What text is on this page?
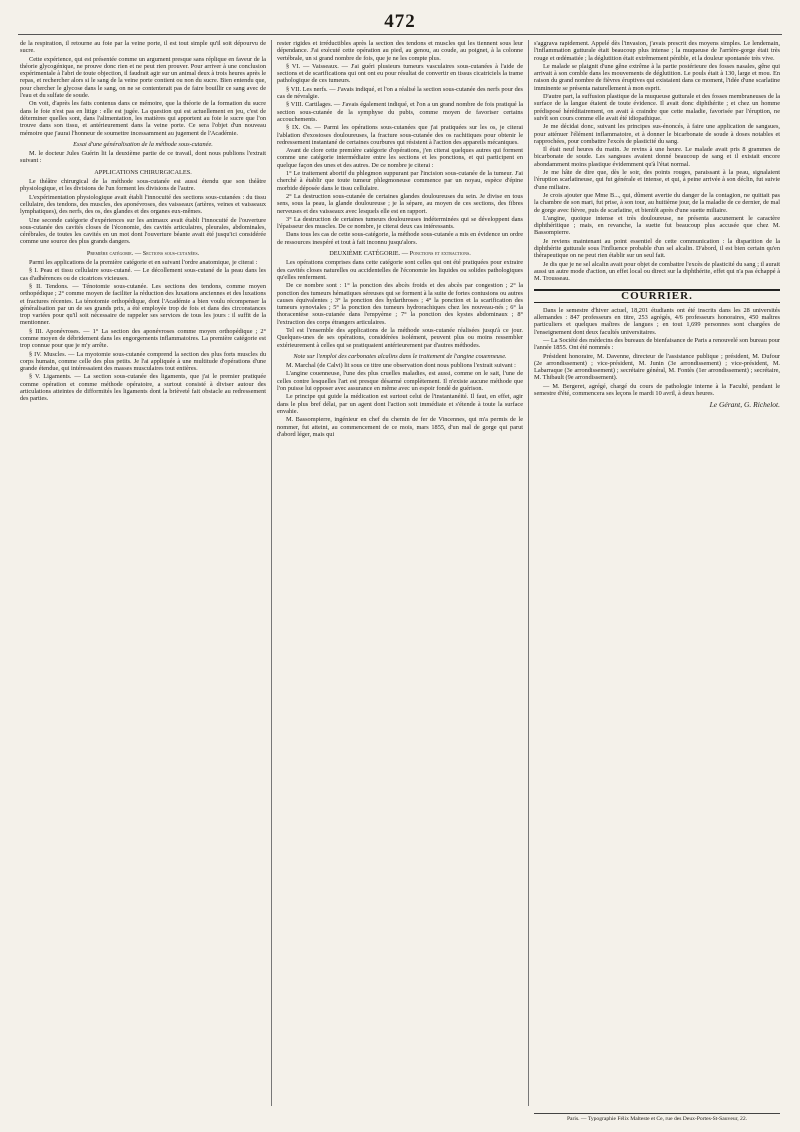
472

de la respiration, il retourne au foie par la veine porte, il est tout simple qu'il soit dépourvu de sucre.

Cette expérience, qui est présentée comme un argument presque sans réplique en faveur de la théorie glycogénique, ne prouve donc rien et ne peut rien prouver. Pour arriver à une conclusion expérimentale à l'abri de toute objection, il faudrait agir sur un animal deux à trois heures après le repas, et rechercher alors si le sang de la veine porte contient ou non du sucre. Bien entendu que, pour chercher le glycose dans le sang, on ne se contenterait pas de faire bouillir ce sang avec de l'eau et du sulfate de soude.

On voit, d'après les faits contenus dans ce mémoire, que la théorie de la formation du sucre dans le foie n'est pas en litige : elle est jugée. La question qui est actuellement en jeu, c'est de déterminer quelles sont, dans l'alimentation, les matières qui apportent au foie le sucre que l'on trouve dans son tissu, et antérieurement dans la veine porte. Ce sera l'objet d'un nouveau mémoire que j'aurai l'honneur de soumettre incessamment au jugement de l'Académie.

Essai d'une généralisation de la méthode sous-cutanée.

M. le docteur Jules Guérin lit la deuxième partie de ce travail, dont nous publions l'extrait suivant :

APPLICATIONS CHIRURGICALES.

Le théâtre chirurgical de la méthode sous-cutanée est aussi étendu que son théâtre physiologique, et les divisions de l'un forment les divisions de l'autre.

L'expérimentation physiologique avait établi l'innocuité des sections sous-cutanées : du tissu cellulaire, des tendons, des muscles, des aponévroses, des vaisseaux (artères, veines et vaisseaux lymphatiques), des nerfs, des os, des glandes et des organes eux-mêmes.

Une seconde catégorie d'expériences sur les animaux avait établi l'innocuité de l'ouverture sous-cutanée des cavités closes de l'économie, des cavités articulaires, pleurales, abdominales, cérébrales, de toutes les cavités en un mot dont l'ouverture béante avait été jusqu'ici considérée comme une source des plus grands dangers.

Première catégorie. — Sections sous-cutanées.

Parmi les applications de la première catégorie et en suivant l'ordre anatomique, je citerai :

§ I. Peau et tissu cellulaire sous-cutané. — Le décollement sous-cutané de la peau dans les cas d'adhérences ou de cicatrices vicieuses.

§ II. Tendons. — Ténotomie sous-cutanée. Les sections des tendons, comme moyen orthopédique ; 2° comme moyen de faciliter la réduction des luxations anciennes et des luxations et fractures récentes. La ténotomie orthopédique, dont l'Académie a bien voulu récompenser la généralisation par un de ses grands prix, a été employée trop de fois et dans des circonstances trop variées pour qu'il soit nécessaire de rappeler ses services de tous les jours : il suffit de la mentionner.

§ III. Aponévroses. — 1° La section des aponévroses comme moyen orthopédique ; 2° comme moyen de débridement dans les engorgements inflammatoires. La première catégorie est trop connue pour que je m'y arrête.

§ IV. Muscles. — La myotomie sous-cutanée comprend la section des plus forts muscles du corps humain, comme celle des plus petits. Je l'ai appliquée à une multitude d'opérations d'une grande étendue, qui intéressaient des masses musculaires tout entières.

§ V. Ligaments. — La section sous-cutanée des ligaments, que j'ai le premier pratiquée comme opération et comme méthode opératoire, a surtout consisté à diviser autour des articulations atteintes de difformités les ligaments dont la brièveté fait obstacle au redressement des parties.

rester rigides et irréductibles après la section des tendons et muscles qui les tiennent sous leur dépendance. J'ai exécuté cette opération au pied, au genou, au coude, au poignet, à la colonne vertébrale, un si grand nombre de fois, que je ne les compte plus.

§ VI. — Vaisseaux. — J'ai guéri plusieurs tumeurs vasculaires sous-cutanées à l'aide de sections et de scarifications qui ont ont eu pour résultat de convertir en tissus cicatriciels la trame pathologique de ces tumeurs.

§ VII. Les nerfs. — J'avais indiqué, et l'on a réalisé la section sous-cutanée des nerfs pour des cas de névralgie.

§ VIII. Cartilages. — J'avais également indiqué, et l'on a un grand nombre de fois pratiqué la section sous-cutanée de la symphyse du pubis, comme moyen de favoriser certains accouchements.

§ IX. Os. — Parmi les opérations sous-cutanées que j'ai pratiquées sur les os, je citerai l'ablation d'exostoses douloureuses, la fracture sous-cutanée des os rachitiques pour obtenir le redressement instantané de certaines courbures qui résistent à l'action des appareils mécaniques.

Avant de clore cette première catégorie d'opérations, j'en citerai quelques autres qui forment comme une catégorie intermédiaire entre les sections et les ponctions, et qui participent en quelque façon des unes et des autres. De ce nombre je citerai :

1° Le traitement abortif du phlegmon suppurant par l'incision sous-cutanée de la tumeur. J'ai cherché à établir que toute tumeur phlegmoneuse commence par un noyau, espèce d'épine morbide déposée dans le tissu cellulaire.

2° La destruction sous-cutanée de certaines glandes douloureuses du sein. Je divise en tous sens, sous la peau, la glande douloureuse ; je la sépare, au moyen de ces sections, des fibres nerveuses et des vaisseaux avec lesquels elle est en rapport.

3° La destruction de certaines tumeurs douloureuses indéterminées qui se développent dans l'épaisseur des muscles. De ce nombre, je citerai deux cas intéressants.

Dans tous les cas de cette sous-catégorie, la méthode sous-cutanée a mis en évidence un ordre de ressources inespéré et tout à fait inconnu jusqu'alors.

DEUXIÈME CATÉGORIE. — Ponctions et extractions.

Les opérations comprises dans cette catégorie sont celles qui ont été pratiquées pour extraire des cavités closes naturelles ou accidentelles de l'économie les liquides ou solides pathologiques qu'elles renferment.

De ce nombre sont : 1° la ponction des abcès froids et des abcès par congestion ; 2° la ponction des tumeurs hématiques séreuses qui se forment à la suite de fortes contusions ou autres causes équivalentes ; 3° la ponction des hydarthroses ; 4° la ponction et la scarification des tumeurs synoviales ; 5° la ponction des tumeurs hydrorachiques chez les nouveau-nés ; 6° la thoracentèse sous-cutanée dans l'empyème ; 7° la ponction des kystes abdominaux ; 8° l'extraction des corps étrangers articulaires.

Tel est l'ensemble des applications de la méthode sous-cutanée réalisées jusqu'à ce jour. Quelques-unes de ses opérations, considérées isolément, peuvent plus ou moins ressembler extérieurement à celles qui se pratiquaient antérieurement par d'autres méthodes.

Note sur l'emploi des carbonates alcalins dans le traitement de l'angine couenneuse.

M. Marchal (de Calvi) lit sous ce titre une observation dont nous publions l'extrait suivant :

L'angine couenneuse, l'une des plus cruelles maladies, est aussi, comme on le sait, l'une de celles contre lesquelles l'art est presque désarmé complètement. Il n'existe aucune méthode que l'on puisse lui opposer avec assurance en même avec un espoir fondé de guérison.

Le principe qui guide la médication est surtout celui de l'instantanéité. Il faut, en effet, agir dans le plus bref délai, par un agent dont l'action soit immédiate et s'étende à toute la surface envahie.

M. Bassompierre, ingénieur en chef du chemin de fer de Vincennes, qui m'a permis de le nommer, fut atteint, au commencement de ce mois, mars 1855, d'un mal de gorge qui parut d'abord léger, mais qui

s'aggrava rapidement. Appelé dès l'invasion, j'avais prescrit des moyens simples. Le lendemain, l'inflammation gutturale était beaucoup plus intense ; la muqueuse de l'arrière-gorge était très rouge et œdématiée ; la déglutition était extrêmement pénible, et la douleur spontanée très vive.

Le malade se plaignit d'une gêne extrême à la partie postérieure des fosses nasales, gêne qui arrivait à son comble dans les mouvements de déglutition. Le pouls était à 130, large et mou. En raison du grand nombre de fièvres éruptives qui existaient dans ce moment, l'idée d'une scarlatine imminente se présenta naturellement à mon esprit.

D'autre part, la suffusion plastique de la muqueuse gutturale et des fosses membraneuses de la surface de la langue étaient de toute évidence. Il avait donc diphthérite ; et chez un homme prédisposé héréditairement, on avait à craindre que cette maladie, favorisée par l'éruption, ne suivît son cours comme elle avait été idiopathique.

Je me décidai donc, suivant les principes sus-énoncés, à faire une application de sangsues, pour atténuer l'élément inflammatoire, et à donner le bicarbonate de soude à doses notables et rapprochées, pour combattre l'excès de plasticité du sang.

Il était neuf heures du matin. Je revins à une heure. Le malade avait pris 8 grammes de bicarbonate de soude. Les sangsues avaient donné beaucoup de sang et il existait encore abondamment moins plastique évidemment qu'à l'état normal.

Je me hâte de dire que, dès le soir, des points rouges, paraissant à la peau, signalaient l'éruption scarlatineuse, qui fut générale et intense, et qui, à peine arrivée à son déclin, fut suivie d'une miliaire.

Je crois ajouter que Mme B..., qui, dûment avertie du danger de la contagion, ne quittait pas la chambre de son mari, fut prise, à son tour, au huitième jour, de la maladie de ce dernier, de mal de gorge avec fièvre, puis de scarlatine, et bientôt après d'une suette miliaire.

L'angine, quoique intense et très douloureuse, ne présenta aucunement le caractère diphthéritique ; mais, en revanche, la suette fut beaucoup plus accusée que chez M. Bassompierre.

Je reviens maintenant au point essentiel de cette communication : la disparition de la diphthérite gutturale sous l'influence probable d'un sel alcalin. D'abord, il est bien certain qu'en thérapeutique on ne peut rien établir sur un seul fait.

Je dis que je ne sel alcalin avait pour objet de combattre l'excès de plasticité du sang ; il aurait aussi un autre mode d'action, un effet local ou direct sur la diphthérite, effet qui n'a pas échappé à M. Trousseau.

COURRIER.

Dans le semestre d'hiver actuel, 18,201 étudiants ont été inscrits dans les 28 universités allemandes : 847 professeurs en titre, 253 agrégés, 4/6 professeurs honoraires, 450 maîtres particuliers et quelques maîtres de langues ; en tout 1,699 personnes sont chargées de l'enseignement dont deux facultés universitaires.

— La Société des médecins des bureaux de bienfaisance de Paris a renouvelé son bureau pour l'année 1855. Ont été nommés :

Président honoraire, M. Davenne, directeur de l'assistance publique ; président, M. Dufour (2e arrondissement) ; vice-président, M. Junin (3e arrondissement) ; vice-président, M. Labarraque (3e arrondissement) ; secrétaire général, M. Fontès (1er arrondissement) ; secrétaire, M. Thibault (9e arrondissement).

— M. Bergeret, agrégé, chargé du cours de pathologie interne à la Faculté, pendant le semestre d'été, commencera ses leçons le mardi 10 avril, à deux heures.

Le Gérant, G. Richelot.
Paris. — Typographie Félix Malteste et Ce, rue des Deux-Portes-St-Sauveur, 22.
